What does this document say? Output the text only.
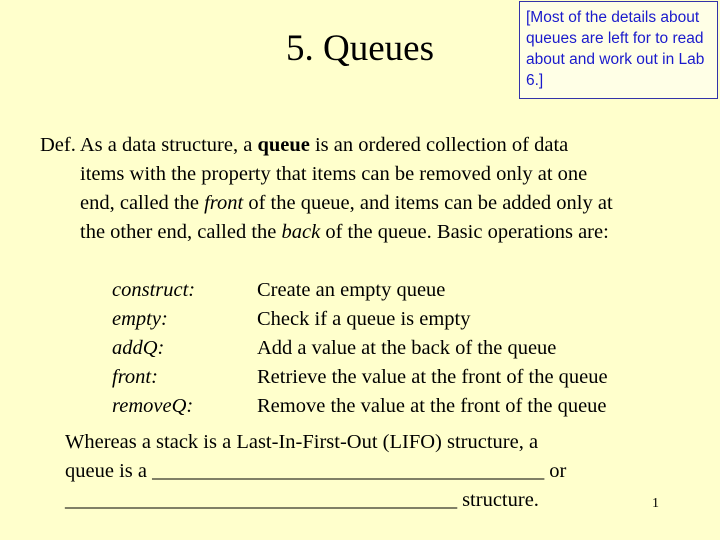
5. Queues
[Most of the details about queues are left for to read about and work out in Lab 6.]
Def. As a data structure, a queue is an ordered collection of data
items with the property that items can be removed only at one
end, called the front of the queue, and items can be added only at
the other end, called the back of the queue. Basic operations are:
construct:	Create an empty queue
empty:	Check if a queue is empty
addQ:	Add a value at the back of the queue
front:	Retrieve the value at the front of the queue
removeQ:	Remove the value at the front of the queue
Whereas a stack is a Last-In-First-Out (LIFO) structure, a
queue is a _______________________________________ or
_______________________________________ structure.	1
